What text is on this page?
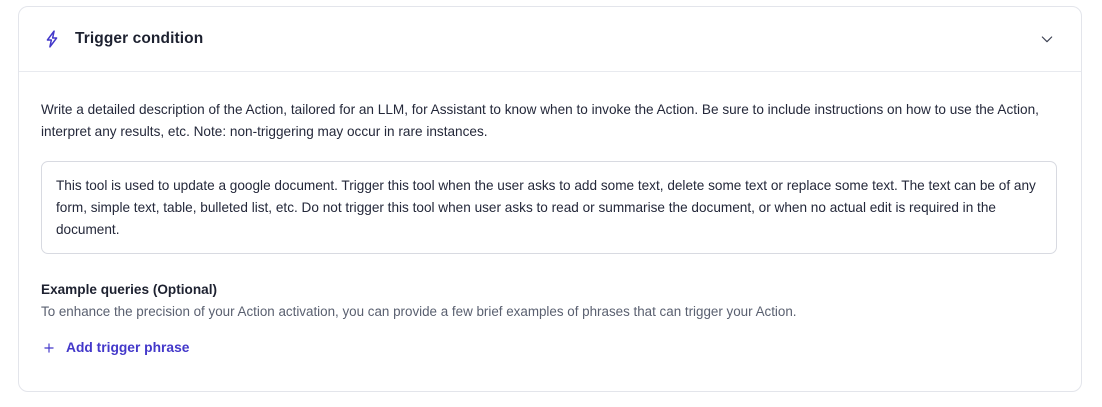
Trigger condition

Write a detailed description of the Action, tailored for an LLM, for Assistant to know when to invoke the Action. Be sure to include instructions on how to use the Action, interpret any results, etc. Note: non-triggering may occur in rare instances.

This tool is used to update a google document. Trigger this tool when the user asks to add some text, delete some text or replace some text. The text can be of any form, simple text, table, bulleted list, etc. Do not trigger this tool when user asks to read or summarise the document, or when no actual edit is required in the document.

Example queries (Optional)

To enhance the precision of your Action activation, you can provide a few brief examples of phrases that can trigger your Action.

Add trigger phrase
